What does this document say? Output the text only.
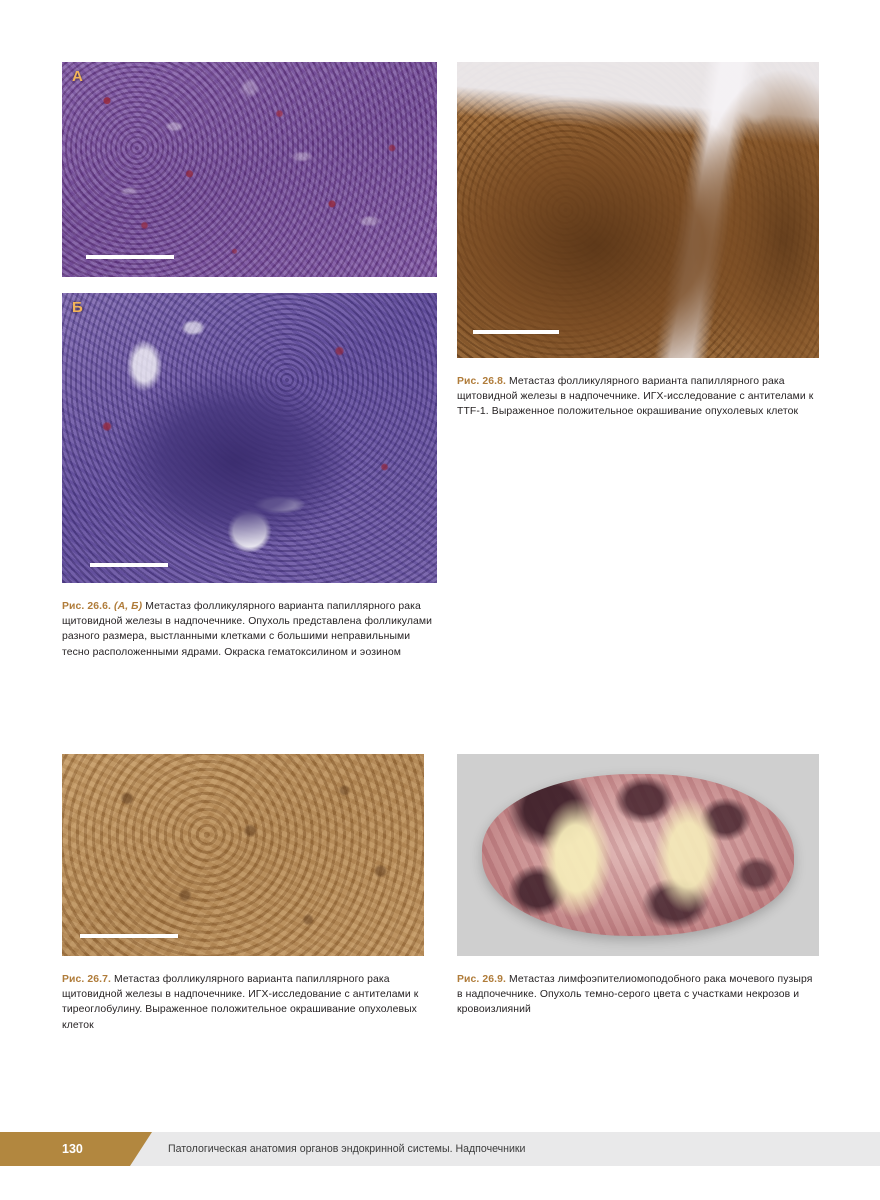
А
Б
Рис. 26.6. (А, Б) Метастаз фолликулярного варианта папиллярного рака щитовидной железы в надпочечнике. Опухоль представлена фолликулами разного размера, выстланными клетками с большими неправильными тесно расположенными ядрами. Окраска гематоксилином и эозином
Рис. 26.8. Метастаз фолликулярного варианта папиллярного рака щитовидной железы в надпочечнике. ИГХ-исследование с антителами к TTF-1. Выраженное положительное окрашивание опухолевых клеток
Рис. 26.7. Метастаз фолликулярного варианта папиллярного рака щитовидной железы в надпочечнике. ИГХ-исследование с антителами к тиреоглобулину. Выраженное положительное окрашивание опухолевых клеток
Рис. 26.9. Метастаз лимфоэпителиомоподобного рака мочевого пузыря в надпочечнике. Опухоль темно-серого цвета с участками некрозов и кровоизлияний
130	Патологическая анатомия органов эндокринной системы. Надпочечники
